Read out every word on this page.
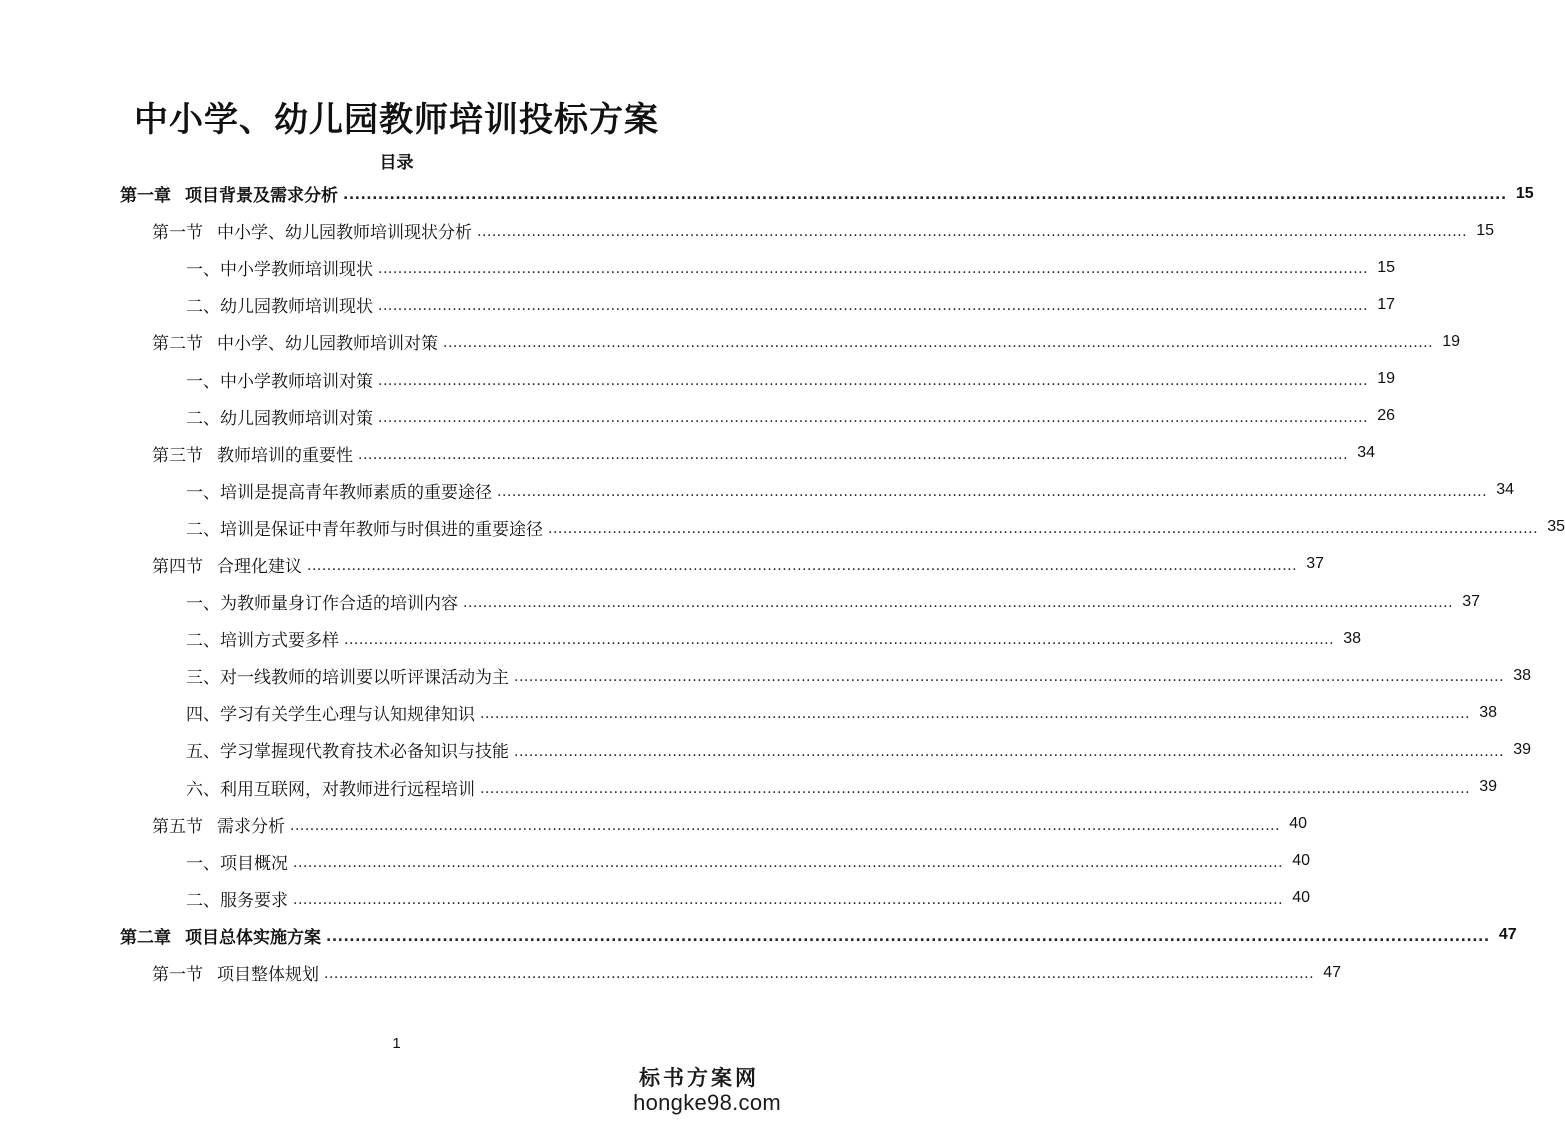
中小学、幼儿园教师培训投标方案
目录
第一章 项目背景及需求分析 ........................................................................................................................................................................................................ 15
第一节 中小学、幼儿园教师培训现状分析 ........................................................................................................................................................................................................ 15
一、中小学教师培训现状 ........................................................................................................................................................................................................ 15
二、幼儿园教师培训现状 ........................................................................................................................................................................................................ 17
第二节 中小学、幼儿园教师培训对策 ........................................................................................................................................................................................................ 19
一、中小学教师培训对策 ........................................................................................................................................................................................................ 19
二、幼儿园教师培训对策 ........................................................................................................................................................................................................ 26
第三节 教师培训的重要性 ........................................................................................................................................................................................................ 34
一、培训是提高青年教师素质的重要途径 ........................................................................................................................................................................................................ 34
二、培训是保证中青年教师与时俱进的重要途径 ........................................................................................................................................................................................................ 35
第四节 合理化建议 ........................................................................................................................................................................................................ 37
一、为教师量身订作合适的培训内容 ........................................................................................................................................................................................................ 37
二、培训方式要多样 ........................................................................................................................................................................................................ 38
三、对一线教师的培训要以听评课活动为主 ........................................................................................................................................................................................................ 38
四、学习有关学生心理与认知规律知识 ........................................................................................................................................................................................................ 38
五、学习掌握现代教育技术必备知识与技能 ........................................................................................................................................................................................................ 39
六、利用互联网，对教师进行远程培训 ........................................................................................................................................................................................................ 39
第五节 需求分析 ........................................................................................................................................................................................................ 40
一、项目概况 ........................................................................................................................................................................................................ 40
二、服务要求 ........................................................................................................................................................................................................ 40
第二章 项目总体实施方案 ........................................................................................................................................................................................................ 47
第一节 项目整体规划 ........................................................................................................................................................................................................ 47

1

标书方案网
hongke98.com
